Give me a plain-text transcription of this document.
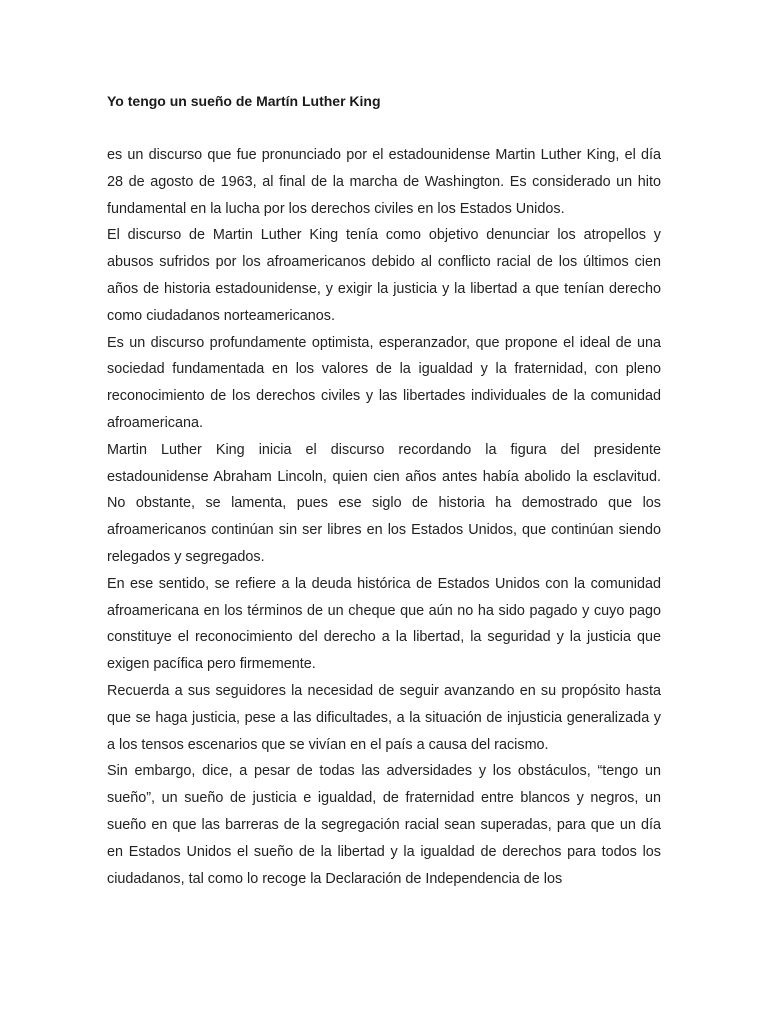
Yo tengo un sueño de Martín Luther King

es un discurso que fue pronunciado por el estadounidense Martin Luther King, el día 28 de agosto de 1963, al final de la marcha de Washington. Es considerado un hito fundamental en la lucha por los derechos civiles en los Estados Unidos.

El discurso de Martin Luther King tenía como objetivo denunciar los atropellos y abusos sufridos por los afroamericanos debido al conflicto racial de los últimos cien años de historia estadounidense, y exigir la justicia y la libertad a que tenían derecho como ciudadanos norteamericanos.

Es un discurso profundamente optimista, esperanzador, que propone el ideal de una sociedad fundamentada en los valores de la igualdad y la fraternidad, con pleno reconocimiento de los derechos civiles y las libertades individuales de la comunidad afroamericana.

Martin Luther King inicia el discurso recordando la figura del presidente estadounidense Abraham Lincoln, quien cien años antes había abolido la esclavitud. No obstante, se lamenta, pues ese siglo de historia ha demostrado que los afroamericanos continúan sin ser libres en los Estados Unidos, que continúan siendo relegados y segregados.

En ese sentido, se refiere a la deuda histórica de Estados Unidos con la comunidad afroamericana en los términos de un cheque que aún no ha sido pagado y cuyo pago constituye el reconocimiento del derecho a la libertad, la seguridad y la justicia que exigen pacífica pero firmemente.

Recuerda a sus seguidores la necesidad de seguir avanzando en su propósito hasta que se haga justicia, pese a las dificultades, a la situación de injusticia generalizada y a los tensos escenarios que se vivían en el país a causa del racismo.

Sin embargo, dice, a pesar de todas las adversidades y los obstáculos, “tengo un sueño”, un sueño de justicia e igualdad, de fraternidad entre blancos y negros, un sueño en que las barreras de la segregación racial sean superadas, para que un día en Estados Unidos el sueño de la libertad y la igualdad de derechos para todos los ciudadanos, tal como lo recoge la Declaración de Independencia de los
